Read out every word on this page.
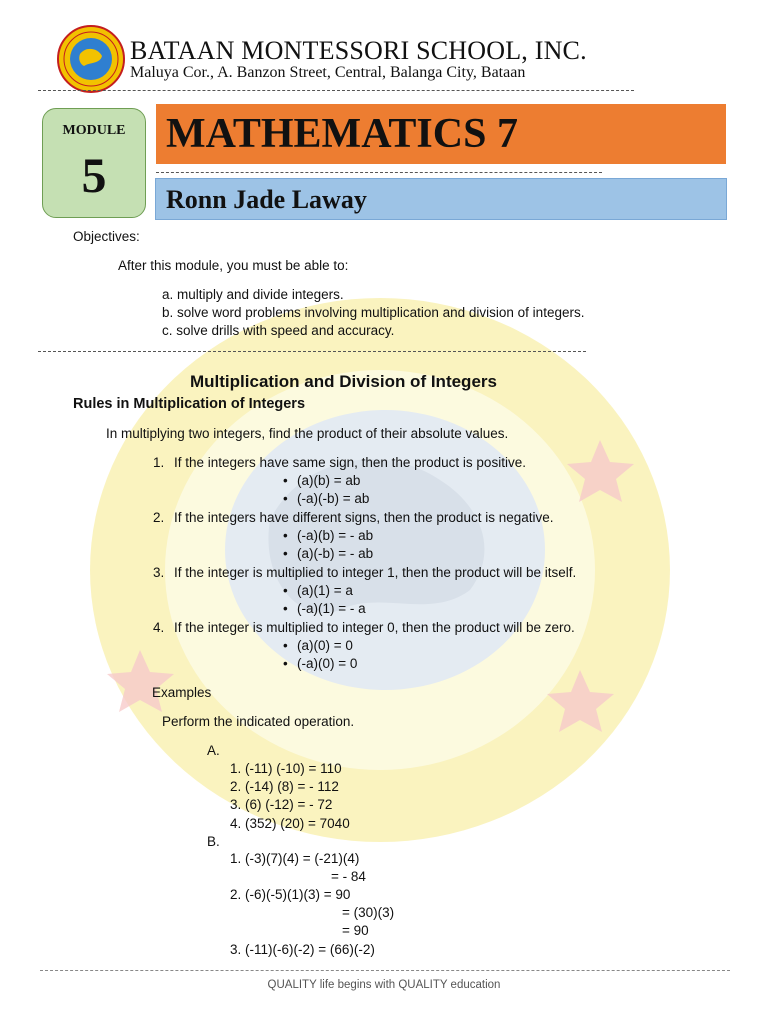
BATAAN MONTESSORI SCHOOL, INC.
Maluya Cor., A. Banzon Street, Central, Balanga City, Bataan
MODULE
5
MATHEMATICS 7
Ronn Jade Laway
Objectives:
After this module, you must be able to:
a. multiply and divide integers.
b. solve word problems involving multiplication and division of integers.
c. solve drills with speed and accuracy.
Multiplication and Division of Integers
Rules in Multiplication of Integers
In multiplying two integers, find the product of their absolute values.
1. If the integers have same sign, then the product is positive.
• (a)(b) = ab
• (-a)(-b) = ab
2. If the integers have different signs, then the product is negative.
• (-a)(b) = - ab
• (a)(-b) = - ab
3. If the integer is multiplied to integer 1, then the product will be itself.
• (a)(1) = a
• (-a)(1) = - a
4. If the integer is multiplied to integer 0, then the product will be zero.
• (a)(0) = 0
• (-a)(0) = 0
Examples
Perform the indicated operation.
A.
1. (-11) (-10) = 110
2. (-14) (8) = - 112
3. (6) (-12) = - 72
4. (352) (20) = 7040
B.
1. (-3)(7)(4) = (-21)(4)
= - 84
2. (-6)(-5)(1)(3) = 90
= (30)(3)
= 90
3. (-11)(-6)(-2) = (66)(-2)
QUALITY life begins with QUALITY education
